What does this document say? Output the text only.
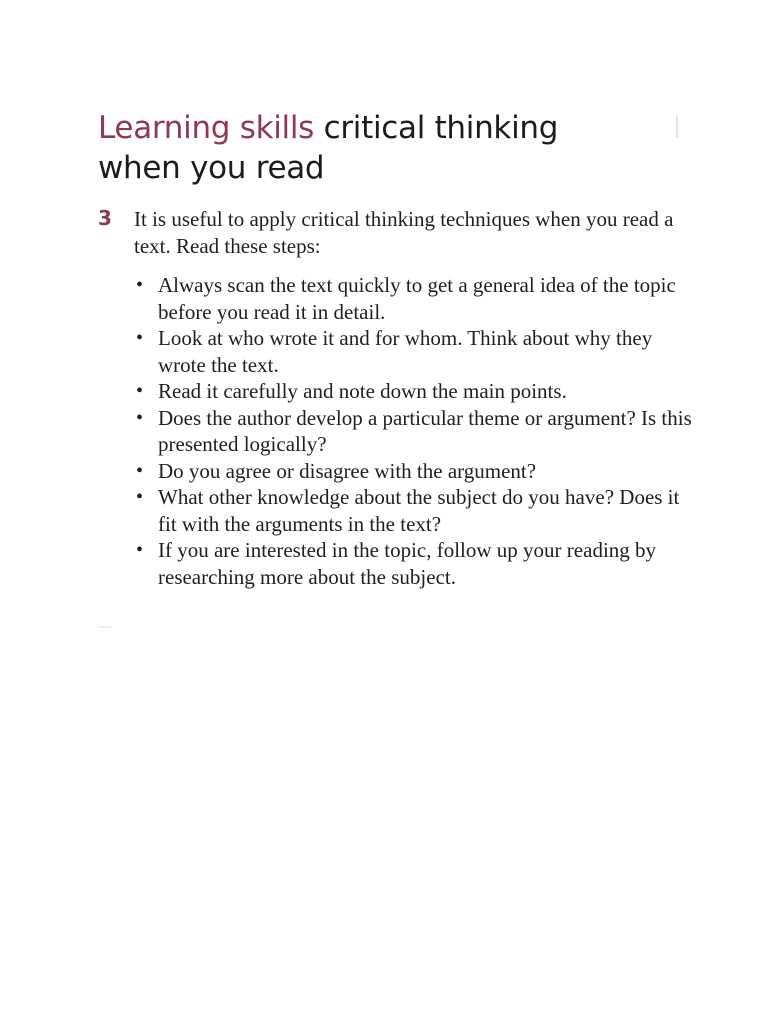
Learning skills critical thinking
when you read
3 It is useful to apply critical thinking techniques when you read a text. Read these steps:
• Always scan the text quickly to get a general idea of the topic before you read it in detail.
• Look at who wrote it and for whom. Think about why they wrote the text.
• Read it carefully and note down the main points.
• Does the author develop a particular theme or argument? Is this presented logically?
• Do you agree or disagree with the argument?
• What other knowledge about the subject do you have? Does it fit with the arguments in the text?
• If you are interested in the topic, follow up your reading by researching more about the subject.
